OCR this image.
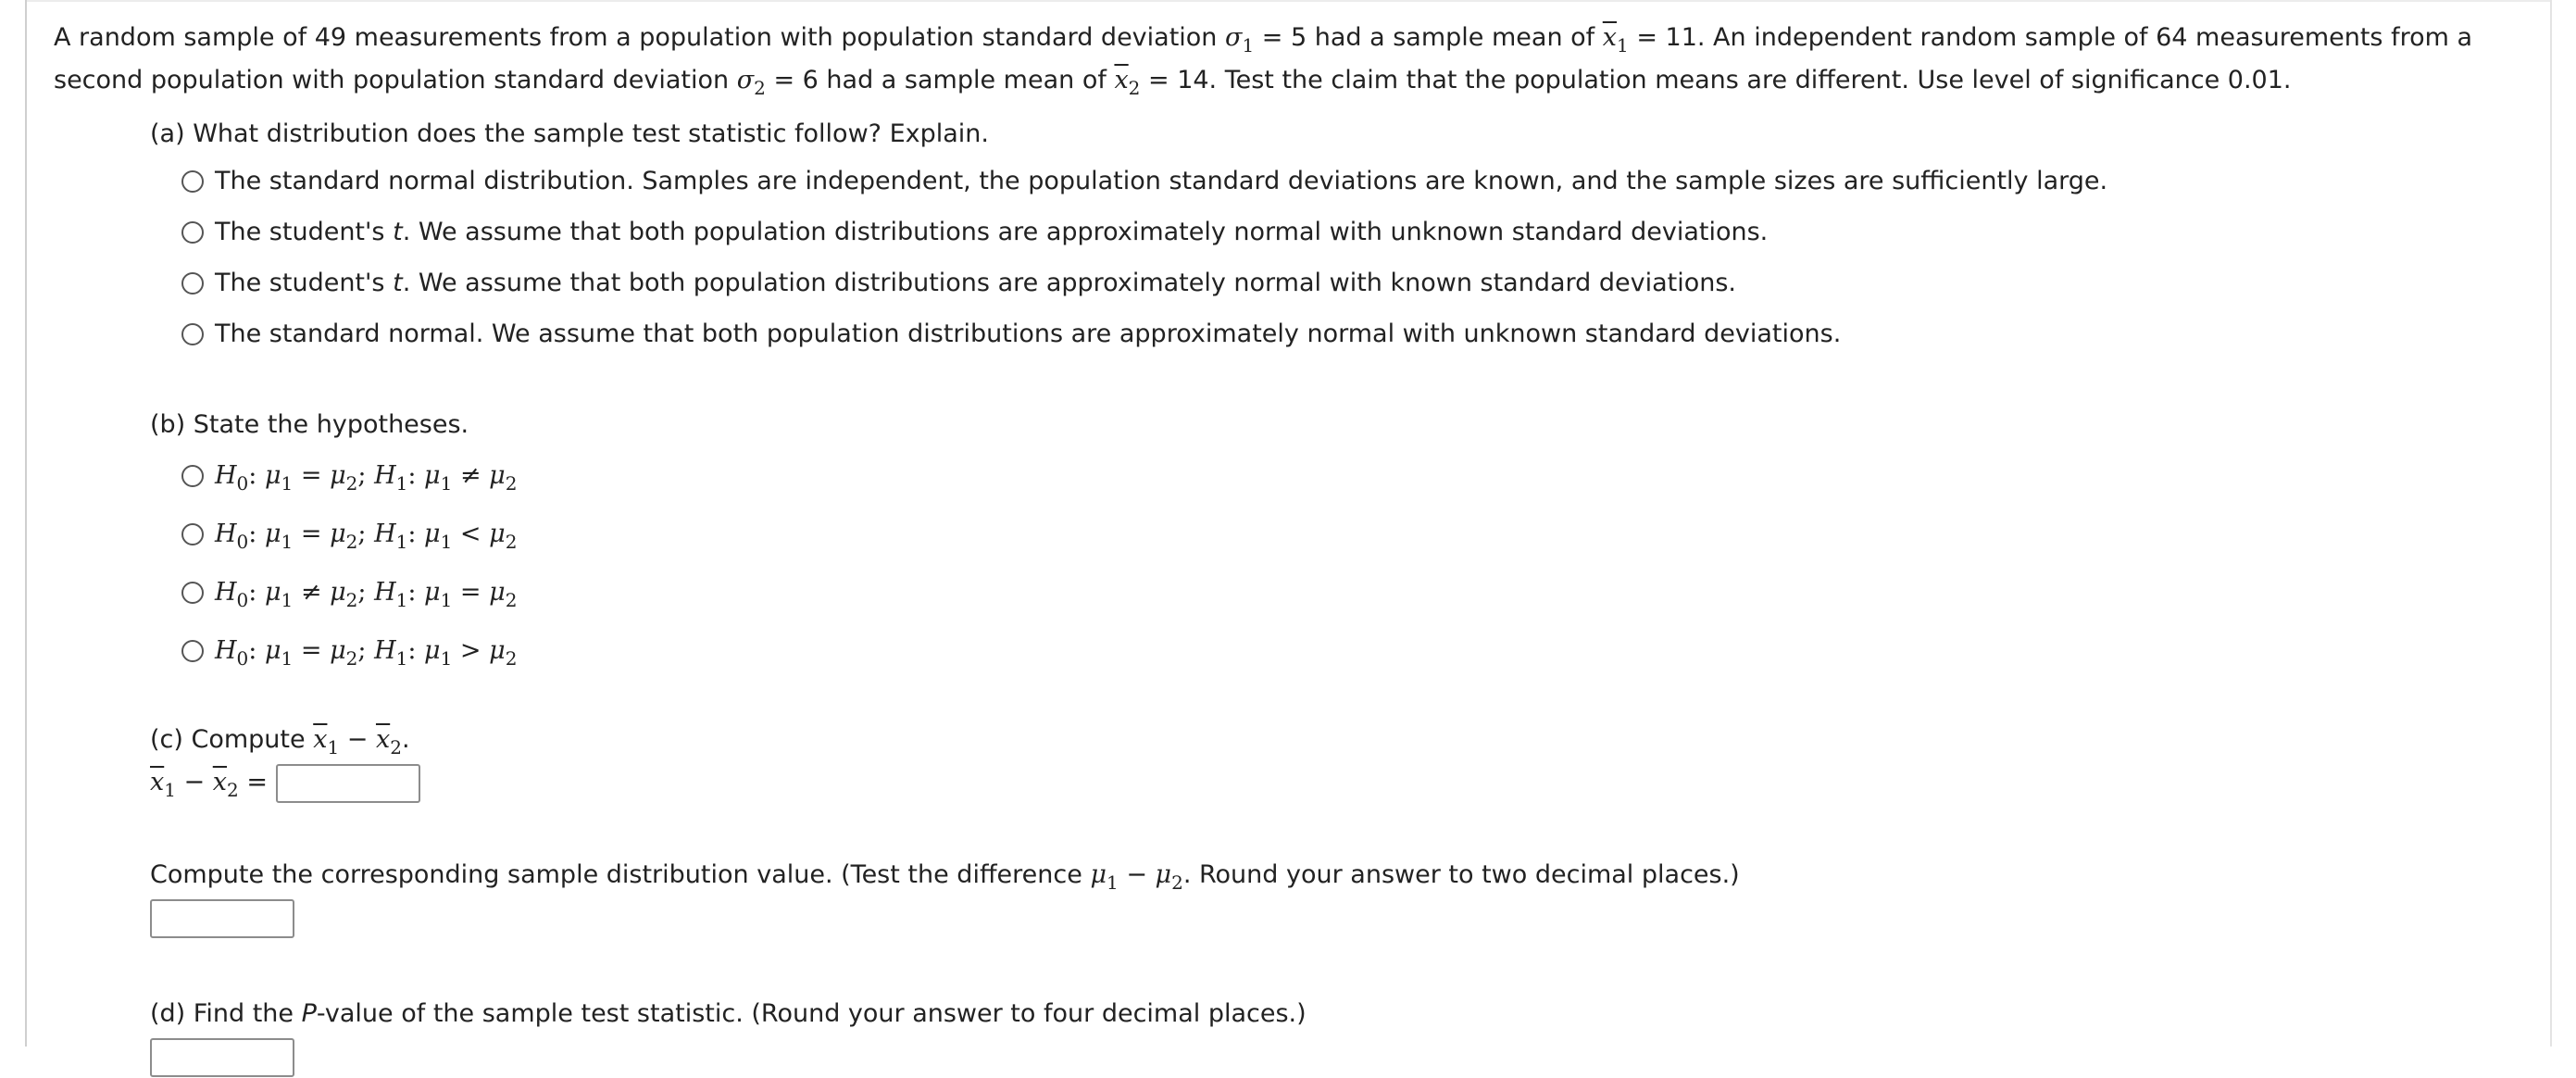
A random sample of 49 measurements from a population with population standard deviation $\sigma_1 = 5$ had a sample mean of $\overline{x}_1 = 11$. An independent random sample of 64 measurements from a second population with population standard deviation $\sigma_2 = 6$ had a sample mean of $\overline{x}_2 = 14$. Test the claim that the population means are different. Use level of significance 0.01.

(a) What distribution does the sample test statistic follow? Explain.
The standard normal distribution. Samples are independent, the population standard deviations are known, and the sample sizes are sufficiently large.
The student's t. We assume that both population distributions are approximately normal with unknown standard deviations.
The student's t. We assume that both population distributions are approximately normal with known standard deviations.
The standard normal. We assume that both population distributions are approximately normal with unknown standard deviations.
(b) State the hypotheses.
$H_0$: $\mu_1 = \mu_2$; $H_1$: $\mu_1 \ne \mu_2$
$H_0$: $\mu_1 = \mu_2$; $H_1$: $\mu_1 < \mu_2$
$H_0$: $\mu_1 \ne \mu_2$; $H_1$: $\mu_1 = \mu_2$
$H_0$: $\mu_1 = \mu_2$; $H_1$: $\mu_1 > \mu_2$
(c) Compute $\overline{x}_1 - \overline{x}_2$.
$\overline{x}_1 - \overline{x}_2$ =
Compute the corresponding sample distribution value. (Test the difference $\mu_1 - \mu_2$. Round your answer to two decimal places.)
(d) Find the P-value of the sample test statistic. (Round your answer to four decimal places.)
